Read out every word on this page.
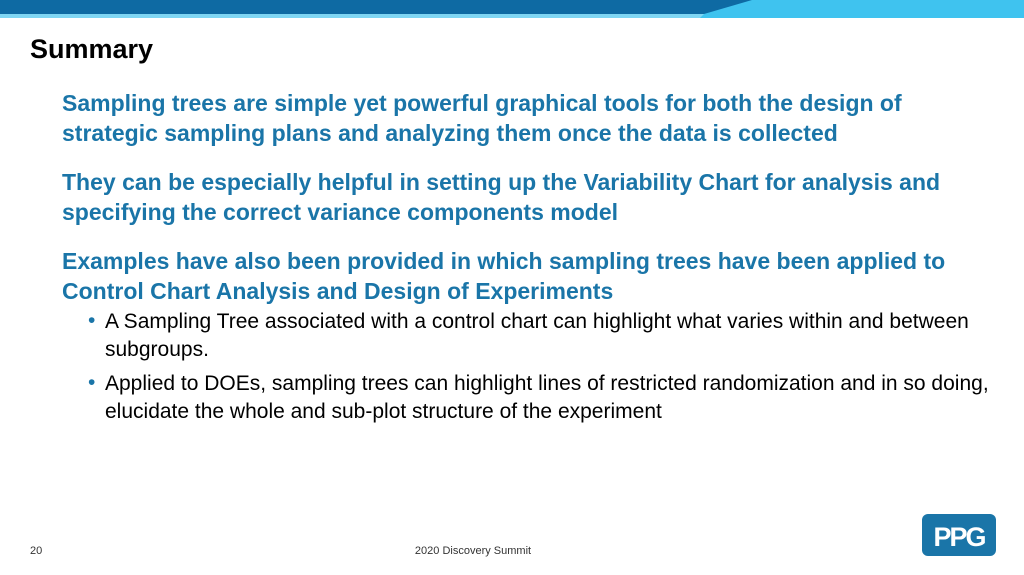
Summary
Sampling trees are simple yet powerful graphical tools for both the design of strategic sampling plans and analyzing them once the data is collected
They can be especially helpful in setting up the Variability Chart for analysis and specifying the correct variance components model
Examples have also been provided in which sampling trees have been applied to Control Chart Analysis and Design of Experiments
• A Sampling Tree associated with a control chart can highlight what varies within and between subgroups.
• Applied to DOEs, sampling trees can highlight lines of restricted randomization and in so doing, elucidate the whole and sub-plot structure of the experiment
20	2020 Discovery Summit	PPG
